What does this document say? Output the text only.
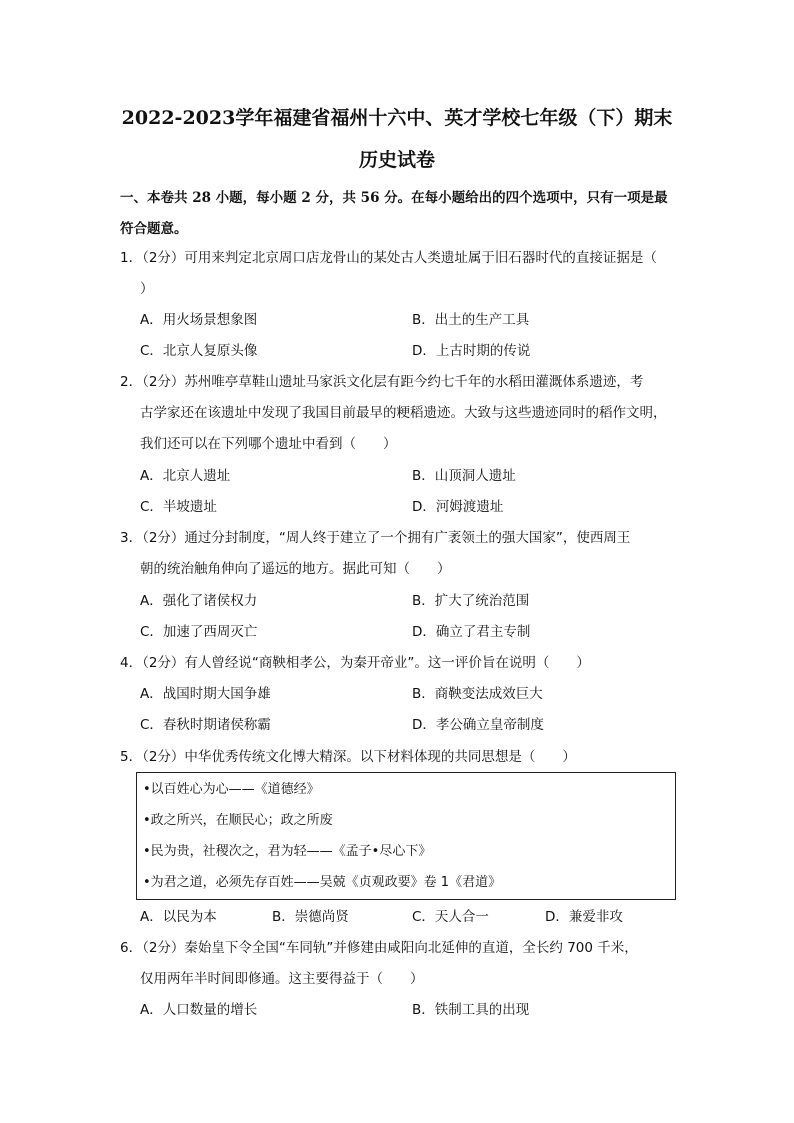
2022-2023学年福建省福州十六中、英才学校七年级（下）期末
历史试卷
一、本卷共 28 小题，每小题 2 分，共 56 分。在每小题给出的四个选项中，只有一项是最
符合题意。
1．（2分）可用来判定北京周口店龙骨山的某处古人类遗址属于旧石器时代的直接证据是（
）
A．用火场景想象图	B．出土的生产工具
C．北京人复原头像	D．上古时期的传说
2．（2分）苏州唯亭草鞋山遗址马家浜文化层有距今约七千年的水稻田灌溉体系遗迹，考
古学家还在该遗址中发现了我国目前最早的粳稻遗迹。大致与这些遗迹同时的稻作文明，
我们还可以在下列哪个遗址中看到（　　）
A．北京人遗址	B．山顶洞人遗址
C．半坡遗址	D．河姆渡遗址
3．（2分）通过分封制度，“周人终于建立了一个拥有广袤领土的强大国家”，使西周王
朝的统治触角伸向了遥远的地方。据此可知（　　）
A．强化了诸侯权力	B．扩大了统治范围
C．加速了西周灭亡	D．确立了君主专制
4．（2分）有人曾经说“商鞅相孝公，为秦开帝业”。这一评价旨在说明（　　）
A．战国时期大国争雄	B．商鞅变法成效巨大
C．春秋时期诸侯称霸	D．孝公确立皇帝制度
5．（2分）中华优秀传统文化博大精深。以下材料体现的共同思想是（　　）
•以百姓心为心——《道德经》
•政之所兴，在顺民心；政之所废
•民为贵，社稷次之，君为轻——《孟子•尽心下》
•为君之道，必须先存百姓——吴兢《贞观政要》卷 1《君道》
A．以民为本	B．崇德尚贤	C．天人合一	D．兼爱非攻
6．（2分）秦始皇下令全国“车同轨”并修建由咸阳向北延伸的直道，全长约 700 千米，
仅用两年半时间即修通。这主要得益于（　　）
A．人口数量的增长	B．铁制工具的出现
